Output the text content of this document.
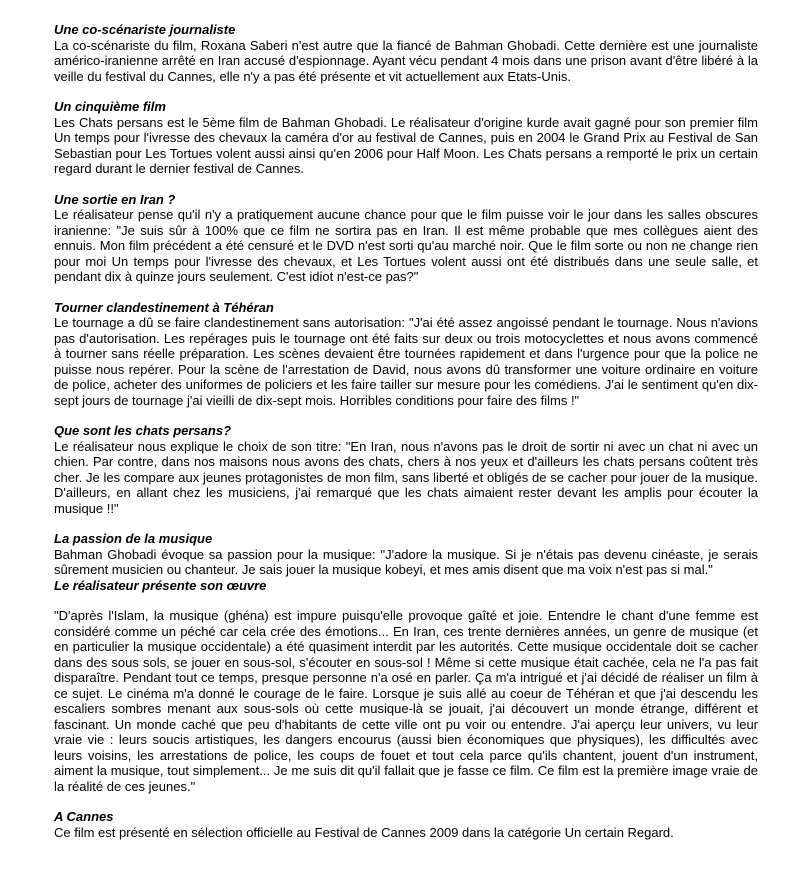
Une co-scénariste journaliste

La co-scénariste du film, Roxana Saberi n'est autre que la fiancé de Bahman Ghobadi. Cette dernière est une journaliste américo-iranienne arrêté en Iran accusé d'espionnage. Ayant vécu pendant 4 mois dans une prison avant d'être libéré à la veille du festival du Cannes, elle n'y a pas été présente et vit actuellement aux Etats-Unis.

Un cinquième film

Les Chats persans est le 5ème film de Bahman Ghobadi. Le réalisateur d'origine kurde avait gagné pour son premier film Un temps pour l'ivresse des chevaux la caméra d'or au festival de Cannes, puis en 2004 le Grand Prix au Festival de San Sebastian pour Les Tortues volent aussi ainsi qu'en 2006 pour Half Moon. Les Chats persans a remporté le prix un certain regard durant le dernier festival de Cannes.

Une sortie en Iran ?

Le réalisateur pense qu'il n'y a pratiquement aucune chance pour que le film puisse voir le jour dans les salles obscures iranienne: "Je suis sûr à 100% que ce film ne sortira pas en Iran. Il est même probable que mes collègues aient des ennuis. Mon film précédent a été censuré et le DVD n'est sorti qu'au marché noir. Que le film sorte ou non ne change rien pour moi Un temps pour l'ivresse des chevaux, et Les Tortues volent aussi ont été distribués dans une seule salle, et pendant dix à quinze jours seulement. C'est idiot n'est-ce pas?"

Tourner clandestinement à Téhéran

Le tournage a dû se faire clandestinement sans autorisation: "J'ai été assez angoissé pendant le tournage. Nous n'avions pas d'autorisation. Les repérages puis le tournage ont été faits sur deux ou trois motocyclettes et nous avons commencé à tourner sans réelle préparation. Les scènes devaient être tournées rapidement et dans l'urgence pour que la police ne puisse nous repérer. Pour la scène de l'arrestation de David, nous avons dû transformer une voiture ordinaire en voiture de police, acheter des uniformes de policiers et les faire tailler sur mesure pour les comédiens. J'ai le sentiment qu'en dix-sept jours de tournage j'ai vieilli de dix-sept mois. Horribles conditions pour faire des films !"

Que sont les chats persans?

Le réalisateur nous explique le choix de son titre: "En Iran, nous n'avons pas le droit de sortir ni avec un chat ni avec un chien. Par contre, dans nos maisons nous avons des chats, chers à nos yeux et d'ailleurs les chats persans coûtent très cher. Je les compare aux jeunes protagonistes de mon film, sans liberté et obligés de se cacher pour jouer de la musique. D'ailleurs, en allant chez les musiciens, j'ai remarqué que les chats aimaient rester devant les amplis pour écouter la musique !!"

La passion de la musique

Bahman Ghobadi évoque sa passion pour la musique: "J'adore la musique. Si je n'étais pas devenu cinéaste, je serais sûrement musicien ou chanteur. Je sais jouer la musique kobeyi, et mes amis disent que ma voix n'est pas si mal."

Le réalisateur présente son œuvre

"D'après l'Islam, la musique (ghéna) est impure puisqu'elle provoque gaîté et joie. Entendre le chant d'une femme est considéré comme un péché car cela crée des émotions... En Iran, ces trente dernières années, un genre de musique (et en particulier la musique occidentale) a été quasiment interdit par les autorités. Cette musique occidentale doit se cacher dans des sous sols, se jouer en sous-sol, s'écouter en sous-sol ! Même si cette musique était cachée, cela ne l'a pas fait disparaître. Pendant tout ce temps, presque personne n'a osé en parler. Ça m'a intrigué et j'ai décidé de réaliser un film à ce sujet. Le cinéma m'a donné le courage de le faire. Lorsque je suis allé au coeur de Téhéran et que j'ai descendu les escaliers sombres menant aux sous-sols où cette musique-là se jouait, j'ai découvert un monde étrange, différent et fascinant. Un monde caché que peu d'habitants de cette ville ont pu voir ou entendre. J'ai aperçu leur univers, vu leur vraie vie : leurs soucis artistiques, les dangers encourus (aussi bien économiques que physiques), les difficultés avec leurs voisins, les arrestations de police, les coups de fouet et tout cela parce qu'ils chantent, jouent d'un instrument, aiment la musique, tout simplement... Je me suis dit qu'il fallait que je fasse ce film. Ce film est la première image vraie de la réalité de ces jeunes."

A Cannes

Ce film est présenté en sélection officielle au Festival de Cannes 2009 dans la catégorie Un certain Regard.
